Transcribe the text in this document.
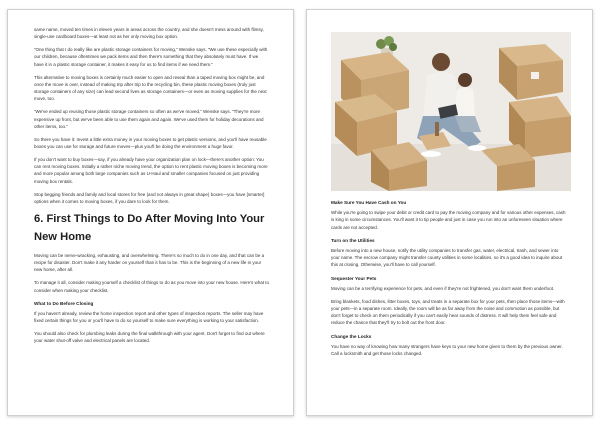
same name, moved ten times in eleven years in areas across the country, and she doesn't mess around with flimsy, single-use cardboard boxes—at least not as her only moving box option.

“One thing that I do really like are plastic storage containers for moving,” Wenske says. “We use these especially with our children, because oftentimes we pack items and then there's something that they absolutely must have. If we have it in a plastic storage container, it makes it easy for us to find items if we need them.”

This alternative to moving boxes is certainly much easier to open and reseal than a taped moving box might be, and once the move is over, instead of making trip after trip to the recycling bin, these plastic moving boxes (truly just storage containers of any size) can lead second lives as storage containers—or even as moving supplies for the next move, too.

“We've ended up reusing those plastic storage containers so often as we've moved,” Wenske says. “They're more expensive up front, but we've been able to use them again and again. We've used them for holiday decorations and other items, too.”

So there you have it: Invest a little extra money in your moving boxes to get plastic versions, and you'll have reusable boxes you can use for storage and future moves—plus you'll be doing the environment a huge favor.

If you don't want to buy boxes—say, if you already have your organization plan on lock—there's another option: You can rent moving boxes. Initially a rather niche moving trend, the option to rent plastic moving boxes is becoming more and more popular among both large companies such as U-Haul and smaller companies focused on just providing moving box rentals.

Stop begging friends and family and local stores for free (and not always in great shape) boxes—you have [smarter] options when it comes to moving boxes, if you dare to look for them.

6. First Things to Do After Moving Into Your New Home

Moving can be nerve-wracking, exhausting, and overwhelming. There's so much to do in one day, and that can be a recipe for disaster. Don't make it any harder on yourself than it has to be. This is the beginning of a new life in your new home, after all.

To manage it all, consider making yourself a checklist of things to do as you move into your new house. Here's what to consider when making your checklist.

What to Do Before Closing

If you haven't already, review the home inspection report and other types of inspection reports. The seller may have fixed certain things for you or you'll have to do so yourself to make sure everything is working to your satisfaction.

You should also check for plumbing leaks during the final walkthrough with your agent. Don't forget to find out where your water shut-off valve and electrical panels are located.

Make Sure You Have Cash on You

While you're going to swipe your debit or credit card to pay the moving company and for various other expenses, cash is king in some circumstances. You'll want it to tip people and just in case you run into an unforeseen situation where cards are not accepted.

Turn on the Utilities

Before moving into a new house, notify the utility companies to transfer gas, water, electrical, trash, and sewer into your name. The escrow company might transfer county utilities in some localities, so it's a good idea to inquire about this at closing. Otherwise, you'll have to call yourself.

Sequester Your Pets

Moving can be a terrifying experience for pets, and even if they're not frightened, you don't want them underfoot.

Bring blankets, food dishes, litter boxes, toys, and treats in a separate box for your pets, then place those items—with your pets—in a separate room. Ideally, the room will be as far away from the noise and commotion as possible, but don't forget to check on them periodically if you can't easily hear sounds of distress. It will help them feel safe and reduce the chance that they'll try to bolt out the front door.

Change the Locks

You have no way of knowing how many strangers have keys to your new home given to them by the previous owner. Call a locksmith and get those locks changed.
